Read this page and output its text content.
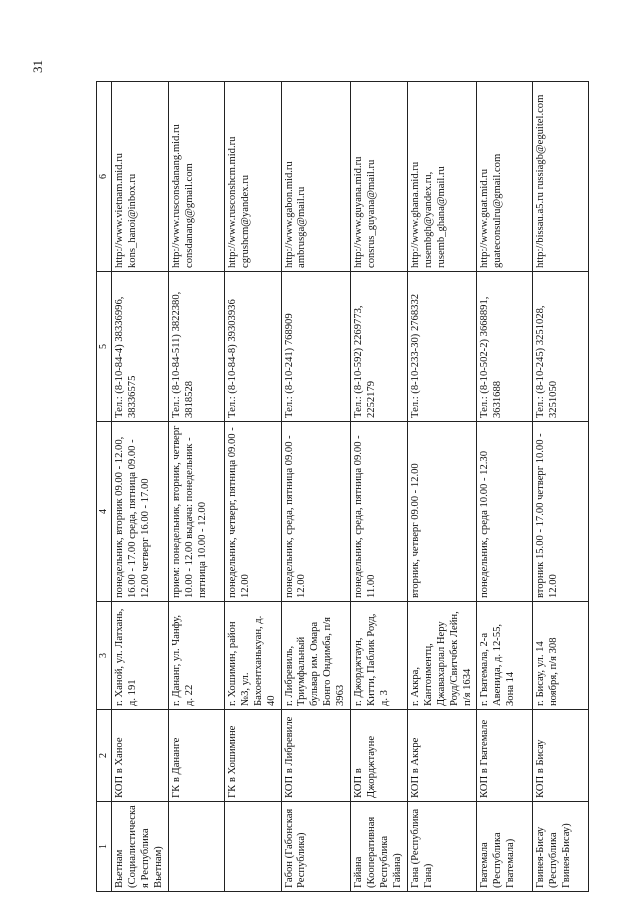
31
1	2	3	4	5	6
Вьетнам (Социалистическая Республика Вьетнам)	КОП в Ханое	г. Ханой, ул. Латхань, д. 191	понедельник, вторник 09.00 - 12.00, 16.00 - 17.00 среда, пятница 09.00 - 12.00 четверг 16.00 - 17.00	Тел.: (8-10-84-4) 38336996, 38336575	http://www.vietnam.mid.ru kons_hanoi@inbox.ru
	ГК в Дананге	г. Дананг, ул. Чанфу, д. 22	прием: понедельник, вторник, четверг 10.00 - 12.00 выдача: понедельник - пятница 10.00 - 12.00	Тел.: (8-10-84-511) 3822380, 3818528	http://www.rusconsdanang.mid.ru consdanang@gmail.com
	ГК в Хошимине	г. Хошимин, район №3, ул. Бахоентханькуан, д. 40	понедельник, четверг, пятница 09.00 - 12.00	Тел.: (8-10-84-8) 39303936	http://www.rusconshcm.mid.ru cgrushcm@yandex.ru
Габон (Габонская Республика)	КОП в Либревиле	г. Либревиль, Триумфальный бульвар им. Омара Бонго Ондимба, п/я 3963	понедельник, среда, пятница 09.00 - 12.00	Тел.: (8-10-241) 768909	http://www.gabon.mid.ru ambrusga@mail.ru
Гайана (Кооперативная Республика Гайана)	КОП в Джорджтауне	г. Джорджтаун, Китти, Паблик Роуд, д. 3	понедельник, среда, пятница 09.00 - 11.00	Тел.: (8-10-592) 2269773, 2252179	http://www.guyana.mid.ru consrus_guyana@mail.ru
Гана (Республика Гана)	КОП в Аккре	г. Аккра, Кантонментц, Джавахарлал Неру Роуд/Свитчбек Лейн, п/я 1634	вторник, четверг 09.00 - 12.00	Тел.: (8-10-233-30) 2768332	http://www.ghana.mid.ru rusembgh@yandex.ru, rusemb_ghana@mail.ru
Гватемала (Республика Гватемала)	КОП в Гватемале	г. Гватемала, 2-а Авенида, д. 12-55, Зона 14	понедельник, среда 10.00 - 12.30	Тел.: (8-10-502-2) 3668891, 3631688	http://www.guat.mid.ru guateconsulru@gmail.com
Гвинея-Бисау (Республика Гвинея-Бисау)	КОП в Бисау	г. Бисау, ул. 14 ноября, п/я 308	вторник 15.00 - 17.00 четверг 10.00 - 12.00	Тел.: (8-10-245) 3251028, 3251050	http://bissau.a5.ru russiagb@eguitel.com
